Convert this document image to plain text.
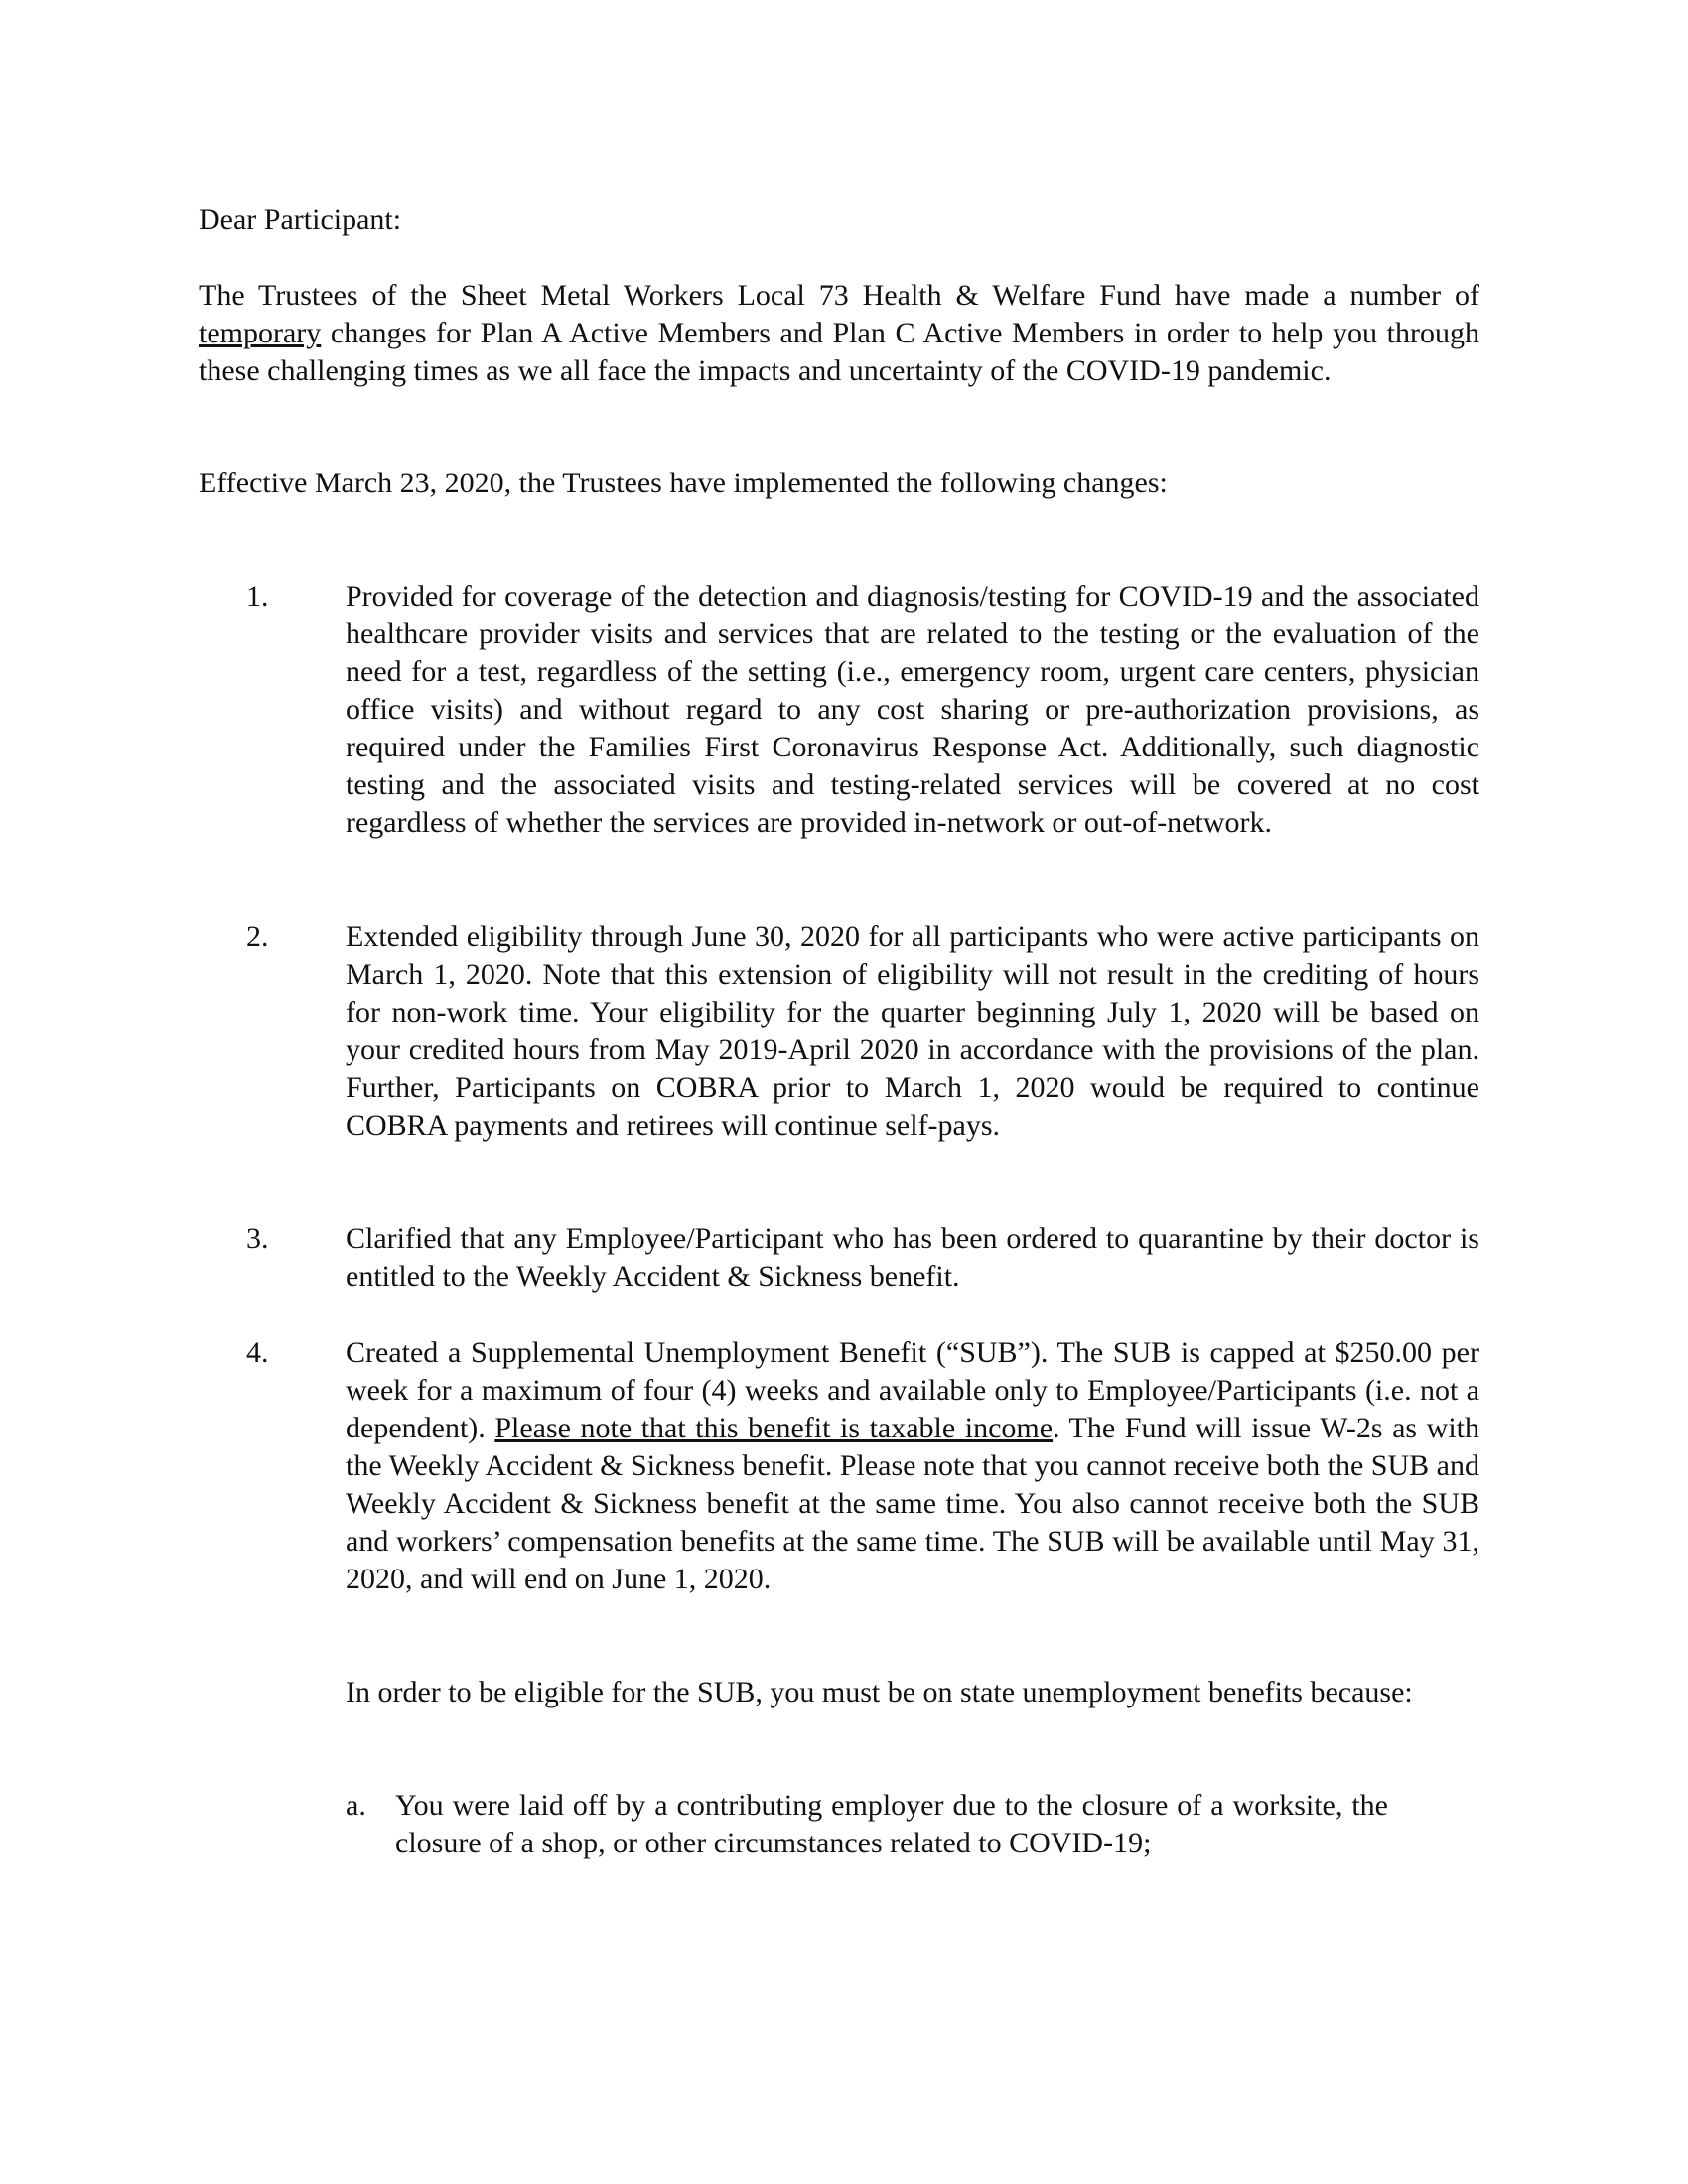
Dear Participant:
The Trustees of the Sheet Metal Workers Local 73 Health & Welfare Fund have made a number of temporary changes for Plan A Active Members and Plan C Active Members in order to help you through these challenging times as we all face the impacts and uncertainty of the COVID-19 pandemic.
Effective March 23, 2020, the Trustees have implemented the following changes:
1.	Provided for coverage of the detection and diagnosis/testing for COVID-19 and the associated healthcare provider visits and services that are related to the testing or the evaluation of the need for a test, regardless of the setting (i.e., emergency room, urgent care centers, physician office visits) and without regard to any cost sharing or pre-authorization provisions, as required under the Families First Coronavirus Response Act. Additionally, such diagnostic testing and the associated visits and testing-related services will be covered at no cost regardless of whether the services are provided in-network or out-of-network.
2.	Extended eligibility through June 30, 2020 for all participants who were active participants on March 1, 2020. Note that this extension of eligibility will not result in the crediting of hours for non-work time. Your eligibility for the quarter beginning July 1, 2020 will be based on your credited hours from May 2019-April 2020 in accordance with the provisions of the plan. Further, Participants on COBRA prior to March 1, 2020 would be required to continue COBRA payments and retirees will continue self-pays.
3.	Clarified that any Employee/Participant who has been ordered to quarantine by their doctor is entitled to the Weekly Accident & Sickness benefit.
4.	Created a Supplemental Unemployment Benefit (“SUB”). The SUB is capped at $250.00 per week for a maximum of four (4) weeks and available only to Employee/Participants (i.e. not a dependent). Please note that this benefit is taxable income. The Fund will issue W-2s as with the Weekly Accident & Sickness benefit. Please note that you cannot receive both the SUB and Weekly Accident & Sickness benefit at the same time. You also cannot receive both the SUB and workers’ compensation benefits at the same time. The SUB will be available until May 31, 2020, and will end on June 1, 2020.
In order to be eligible for the SUB, you must be on state unemployment benefits because:
a. You were laid off by a contributing employer due to the closure of a worksite, the closure of a shop, or other circumstances related to COVID-19;
